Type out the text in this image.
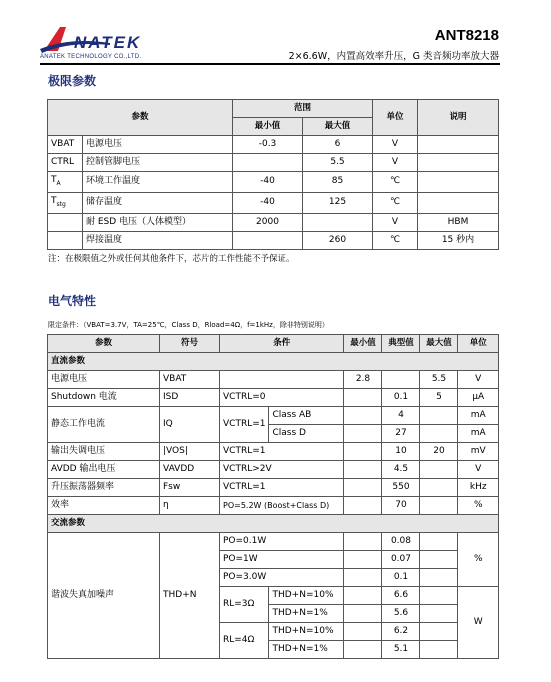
NATEK
ANATEK TECHNOLOGY CO.,LTD.
ANT8218
2×6.6W，内置高效率升压，G 类音频功率放大器
极限参数
参数		范围		单位	说明
		最小值	最大值		
VBAT	电源电压	-0.3	6	V	
CTRL	控制管脚电压		5.5	V	
$T_A$	环境工作温度	-40	85	℃	
$T_{stg}$	储存温度	-40	125	℃	
	耐 ESD 电压（人体模型）	2000		V	HBM
	焊接温度		260	℃	15 秒内
注：在极限值之外或任何其他条件下，芯片的工作性能不予保证。
电气特性
限定条件：（VBAT=3.7V，TA=25℃，Class D，Rload=4Ω，f=1kHz，除非特别说明）
参数	符号	条件		最小值	典型值	最大值	单位
直流参数							
电源电压	VBAT			2.8		5.5	V
Shutdown 电流	ISD	VCTRL=0			0.1	5	μA
静态工作电流	IQ	VCTRL=1	Class AB		4		mA
			Class D		27		mA
输出失调电压	|VOS|	VCTRL=1			10	20	mV
AVDD 输出电压	VAVDD	VCTRL>2V			4.5		V
升压振荡器频率	Fsw	VCTRL=1			550		kHz
效率	η	PO=5.2W (Boost+Class D)			70		%
交流参数							
谐波失真加噪声	THD+N	PO=0.1W			0.08		%
		PO=1W			0.07		
		PO=3.0W			0.1		
		RL=3Ω	THD+N=10%		6.6		W
			THD+N=1%		5.6		
		RL=4Ω	THD+N=10%		6.2		
			THD+N=1%		5.1		
